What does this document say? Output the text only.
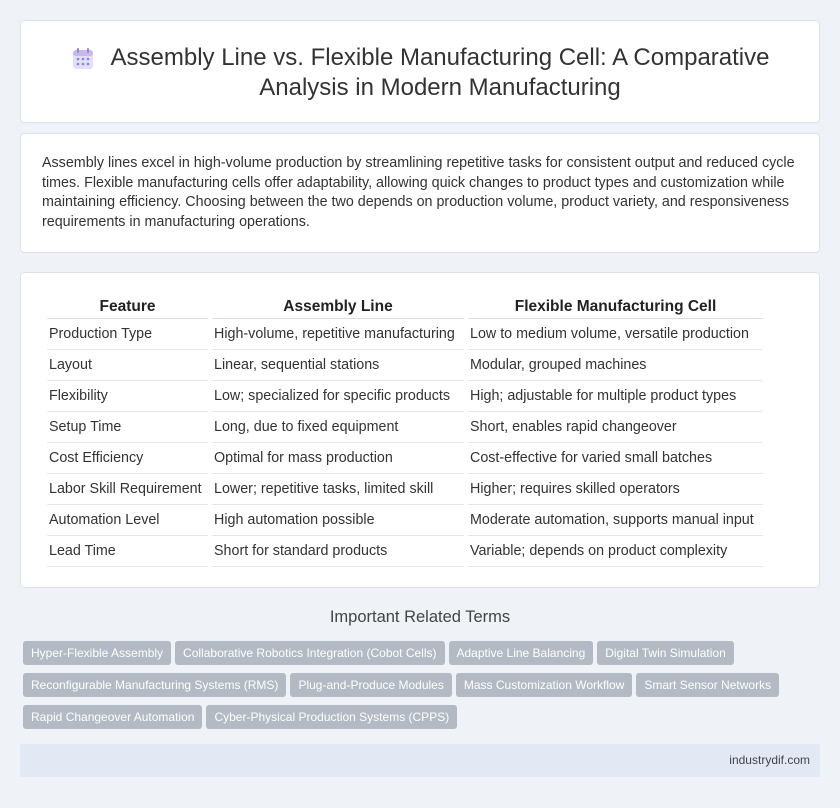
Assembly Line vs. Flexible Manufacturing Cell: A Comparative Analysis in Modern Manufacturing

Assembly lines excel in high-volume production by streamlining repetitive tasks for consistent output and reduced cycle times. Flexible manufacturing cells offer adaptability, allowing quick changes to product types and customization while maintaining efficiency. Choosing between the two depends on production volume, product variety, and responsiveness requirements in manufacturing operations.

Feature	Assembly Line	Flexible Manufacturing Cell
Production Type	High-volume, repetitive manufacturing	Low to medium volume, versatile production
Layout	Linear, sequential stations	Modular, grouped machines
Flexibility	Low; specialized for specific products	High; adjustable for multiple product types
Setup Time	Long, due to fixed equipment	Short, enables rapid changeover
Cost Efficiency	Optimal for mass production	Cost-effective for varied small batches
Labor Skill Requirement	Lower; repetitive tasks, limited skill	Higher; requires skilled operators
Automation Level	High automation possible	Moderate automation, supports manual input
Lead Time	Short for standard products	Variable; depends on product complexity
Important Related Terms
Hyper-Flexible Assembly Collaborative Robotics Integration (Cobot Cells) Adaptive Line Balancing Digital Twin Simulation
Reconfigurable Manufacturing Systems (RMS) Plug-and-Produce Modules Mass Customization Workflow Smart Sensor Networks
Rapid Changeover Automation Cyber-Physical Production Systems (CPPS)
industrydif.com
